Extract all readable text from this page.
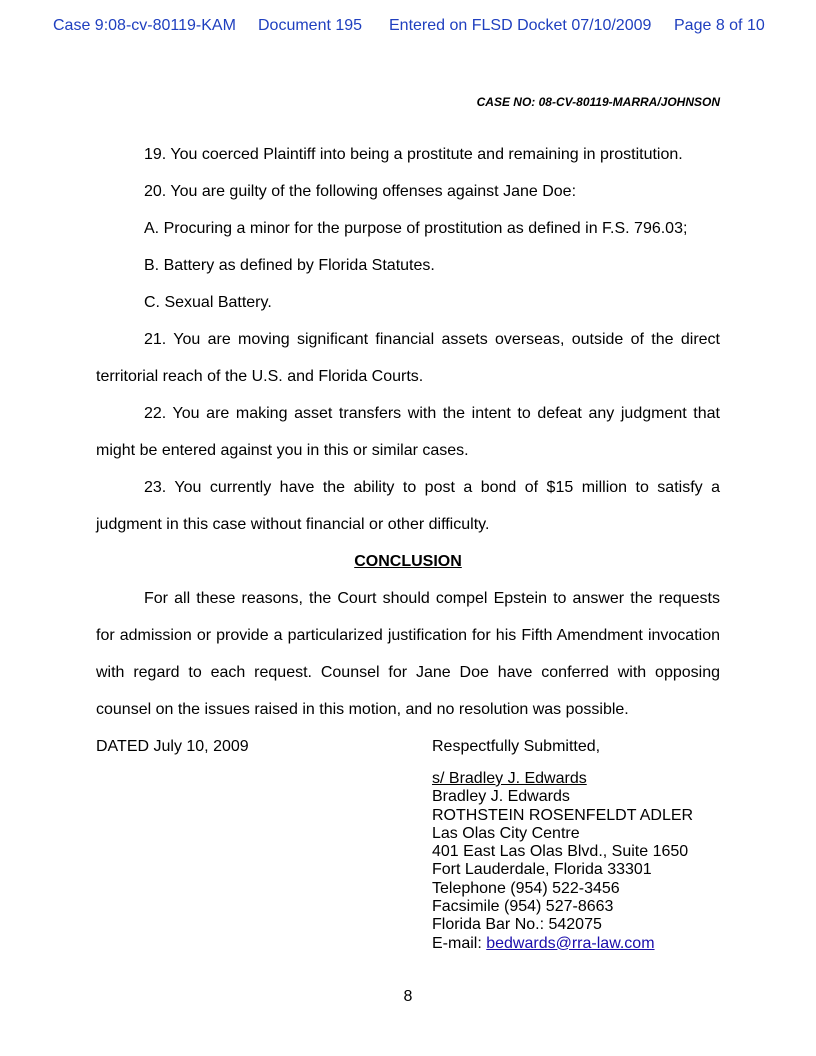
Case 9:08-cv-80119-KAM Document 195 Entered on FLSD Docket 07/10/2009 Page 8 of 10
CASE NO: 08-CV-80119-MARRA/JOHNSON

19. You coerced Plaintiff into being a prostitute and remaining in prostitution.

20. You are guilty of the following offenses against Jane Doe:

A. Procuring a minor for the purpose of prostitution as defined in F.S. 796.03;

B. Battery as defined by Florida Statutes.

C. Sexual Battery.

21. You are moving significant financial assets overseas, outside of the direct territorial reach of the U.S. and Florida Courts.

22. You are making asset transfers with the intent to defeat any judgment that might be entered against you in this or similar cases.

23. You currently have the ability to post a bond of $15 million to satisfy a judgment in this case without financial or other difficulty.

CONCLUSION

For all these reasons, the Court should compel Epstein to answer the requests for admission or provide a particularized justification for his Fifth Amendment invocation with regard to each request. Counsel for Jane Doe have conferred with opposing counsel on the issues raised in this motion, and no resolution was possible.

DATED July 10, 2009	Respectfully Submitted,
s/ Bradley J. Edwards
Bradley J. Edwards
ROTHSTEIN ROSENFELDT ADLER
Las Olas City Centre
401 East Las Olas Blvd., Suite 1650
Fort Lauderdale, Florida 33301
Telephone (954) 522-3456
Facsimile (954) 527-8663
Florida Bar No.: 542075
E-mail: bedwards@rra-law.com
8
